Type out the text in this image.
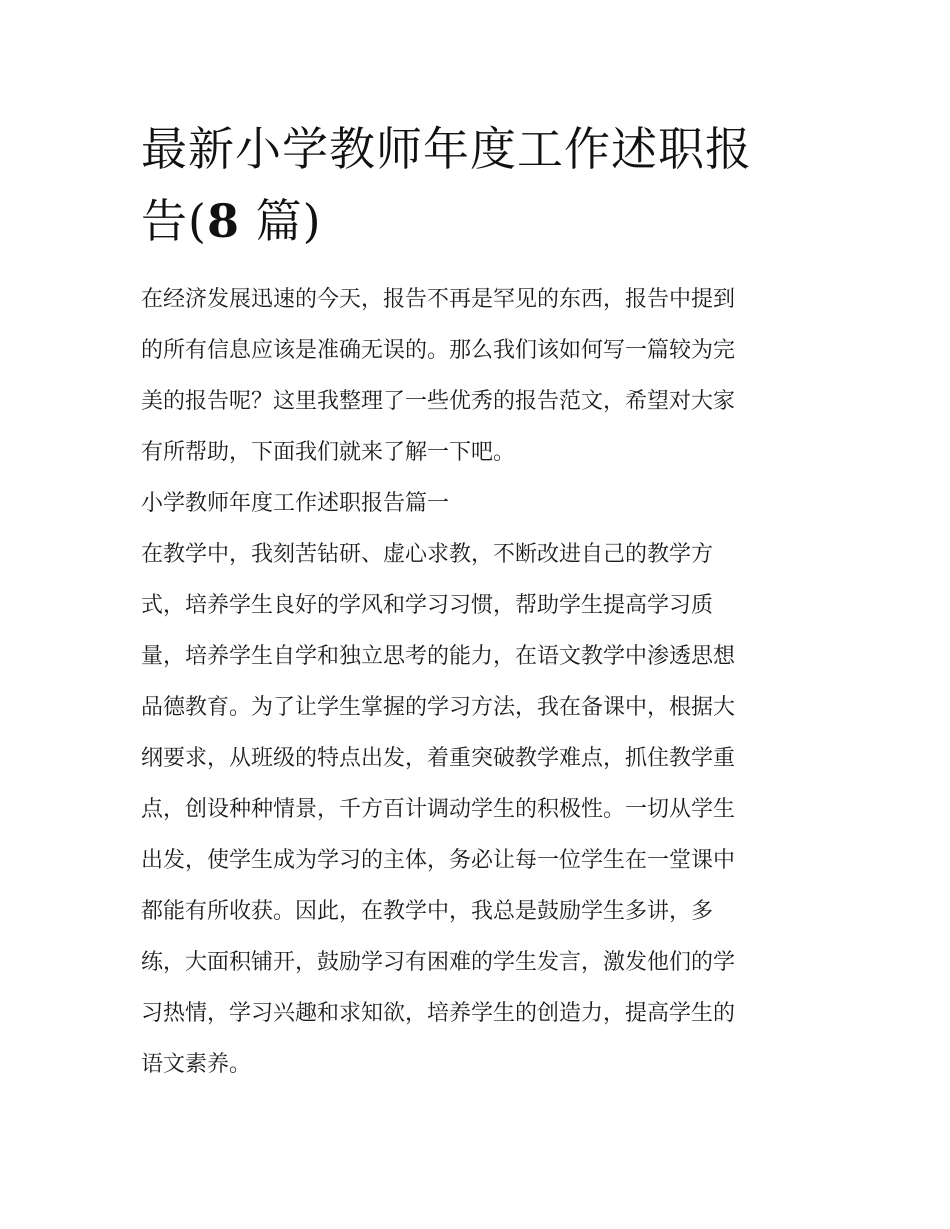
最新小学教师年度工作述职报
告(8 篇)
在经济发展迅速的今天，报告不再是罕见的东西，报告中提到
的所有信息应该是准确无误的。那么我们该如何写一篇较为完
美的报告呢？这里我整理了一些优秀的报告范文，希望对大家
有所帮助，下面我们就来了解一下吧。
小学教师年度工作述职报告篇一
在教学中，我刻苦钻研、虚心求教，不断改进自己的教学方
式，培养学生良好的学风和学习习惯，帮助学生提高学习质
量，培养学生自学和独立思考的能力，在语文教学中渗透思想
品德教育。为了让学生掌握的学习方法，我在备课中，根据大
纲要求，从班级的特点出发，着重突破教学难点，抓住教学重
点，创设种种情景，千方百计调动学生的积极性。一切从学生
出发，使学生成为学习的主体，务必让每一位学生在一堂课中
都能有所收获。因此，在教学中，我总是鼓励学生多讲，多
练，大面积铺开，鼓励学习有困难的学生发言，激发他们的学
习热情，学习兴趣和求知欲，培养学生的创造力，提高学生的
语文素养。
